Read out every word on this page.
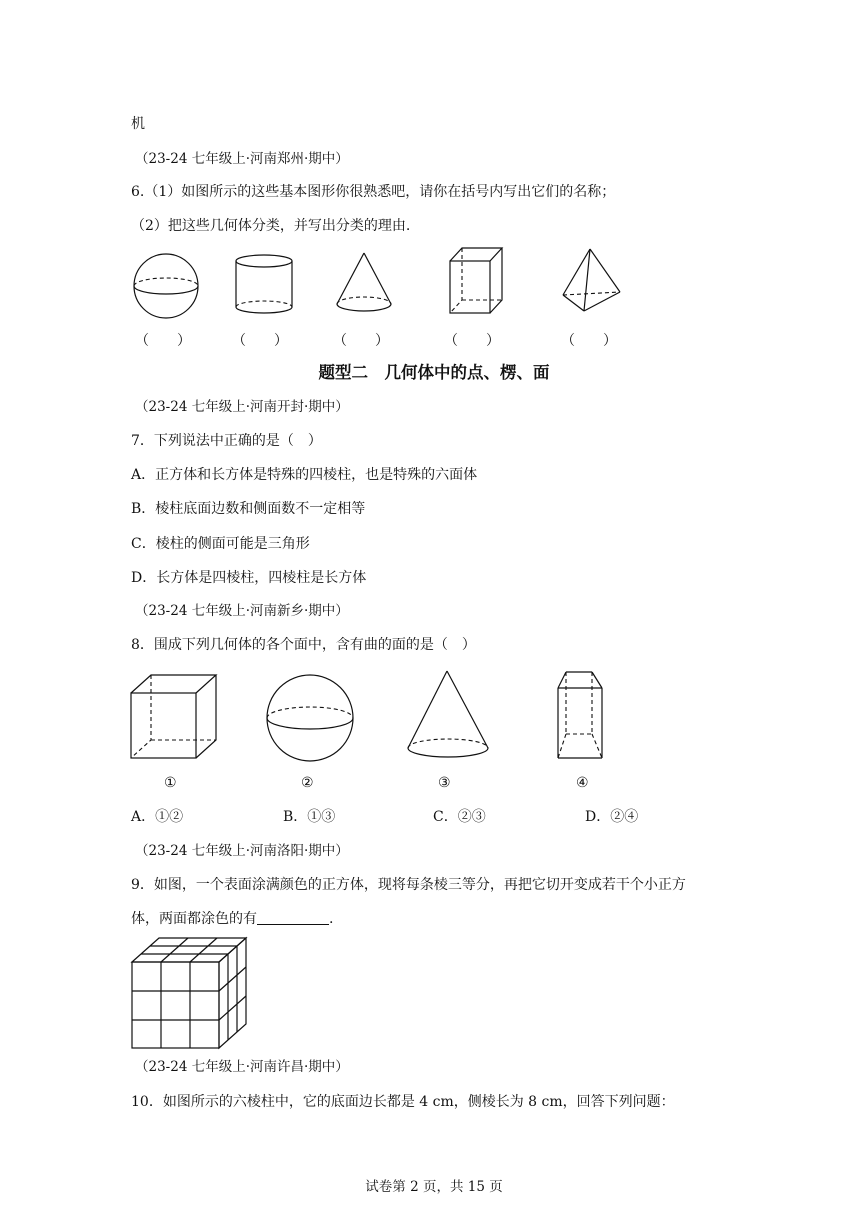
机
（23-24 七年级上·河南郑州·期中）
6.（1）如图所示的这些基本图形你很熟悉吧，请你在括号内写出它们的名称；
（2）把这些几何体分类，并写出分类的理由.
（　　）	（　　）	（　　）	（　　）	（　　）
题型二　几何体中的点、楞、面
（23-24 七年级上·河南开封·期中）
7．下列说法中正确的是（　）
A．正方体和长方体是特殊的四棱柱，也是特殊的六面体
B．棱柱底面边数和侧面数不一定相等
C．棱柱的侧面可能是三角形
D．长方体是四棱柱，四棱柱是长方体
（23-24 七年级上·河南新乡·期中）
8．围成下列几何体的各个面中，含有曲的面的是（　）
①	②	③	④
A．①②	B．①③	C．②③	D．②④
（23-24 七年级上·河南洛阳·期中）
9．如图，一个表面涂满颜色的正方体，现将每条棱三等分，再把它切开变成若干个小正方
体，两面都涂色的有	.
（23-24 七年级上·河南许昌·期中）
10．如图所示的六棱柱中，它的底面边长都是 4 cm，侧棱长为 8 cm，回答下列问题：
试卷第 2 页，共 15 页
